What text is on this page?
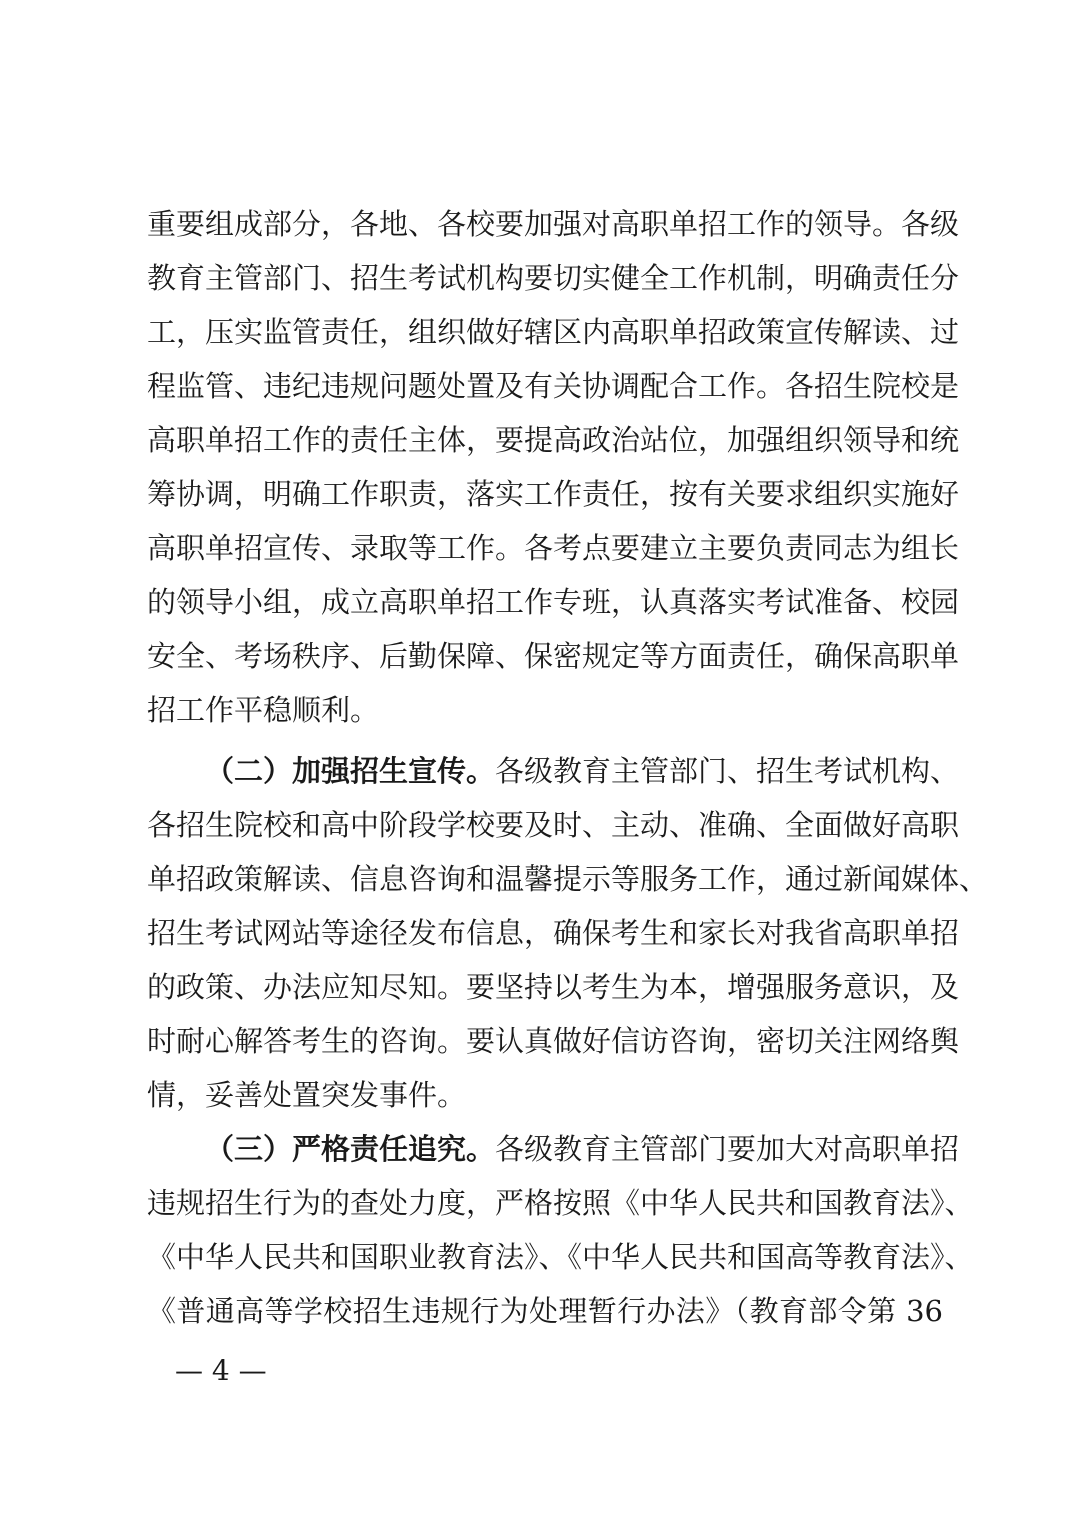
重要组成部分，各地、各校要加强对高职单招工作的领导。各级
教育主管部门、招生考试机构要切实健全工作机制，明确责任分
工，压实监管责任，组织做好辖区内高职单招政策宣传解读、过
程监管、违纪违规问题处置及有关协调配合工作。各招生院校是
高职单招工作的责任主体，要提高政治站位，加强组织领导和统
筹协调，明确工作职责，落实工作责任，按有关要求组织实施好
高职单招宣传、录取等工作。各考点要建立主要负责同志为组长
的领导小组，成立高职单招工作专班，认真落实考试准备、校园
安全、考场秩序、后勤保障、保密规定等方面责任，确保高职单
招工作平稳顺利。
（二）加强招生宣传。各级教育主管部门、招生考试机构、
各招生院校和高中阶段学校要及时、主动、准确、全面做好高职
单招政策解读、信息咨询和温馨提示等服务工作，通过新闻媒体、
招生考试网站等途径发布信息，确保考生和家长对我省高职单招
的政策、办法应知尽知。要坚持以考生为本，增强服务意识，及
时耐心解答考生的咨询。要认真做好信访咨询，密切关注网络舆
情，妥善处置突发事件。
（三）严格责任追究。各级教育主管部门要加大对高职单招
违规招生行为的查处力度，严格按照《中华人民共和国教育法》、
《中华人民共和国职业教育法》、《中华人民共和国高等教育法》、
《普通高等学校招生违规行为处理暂行办法》（教育部令第 36
— 4 —
